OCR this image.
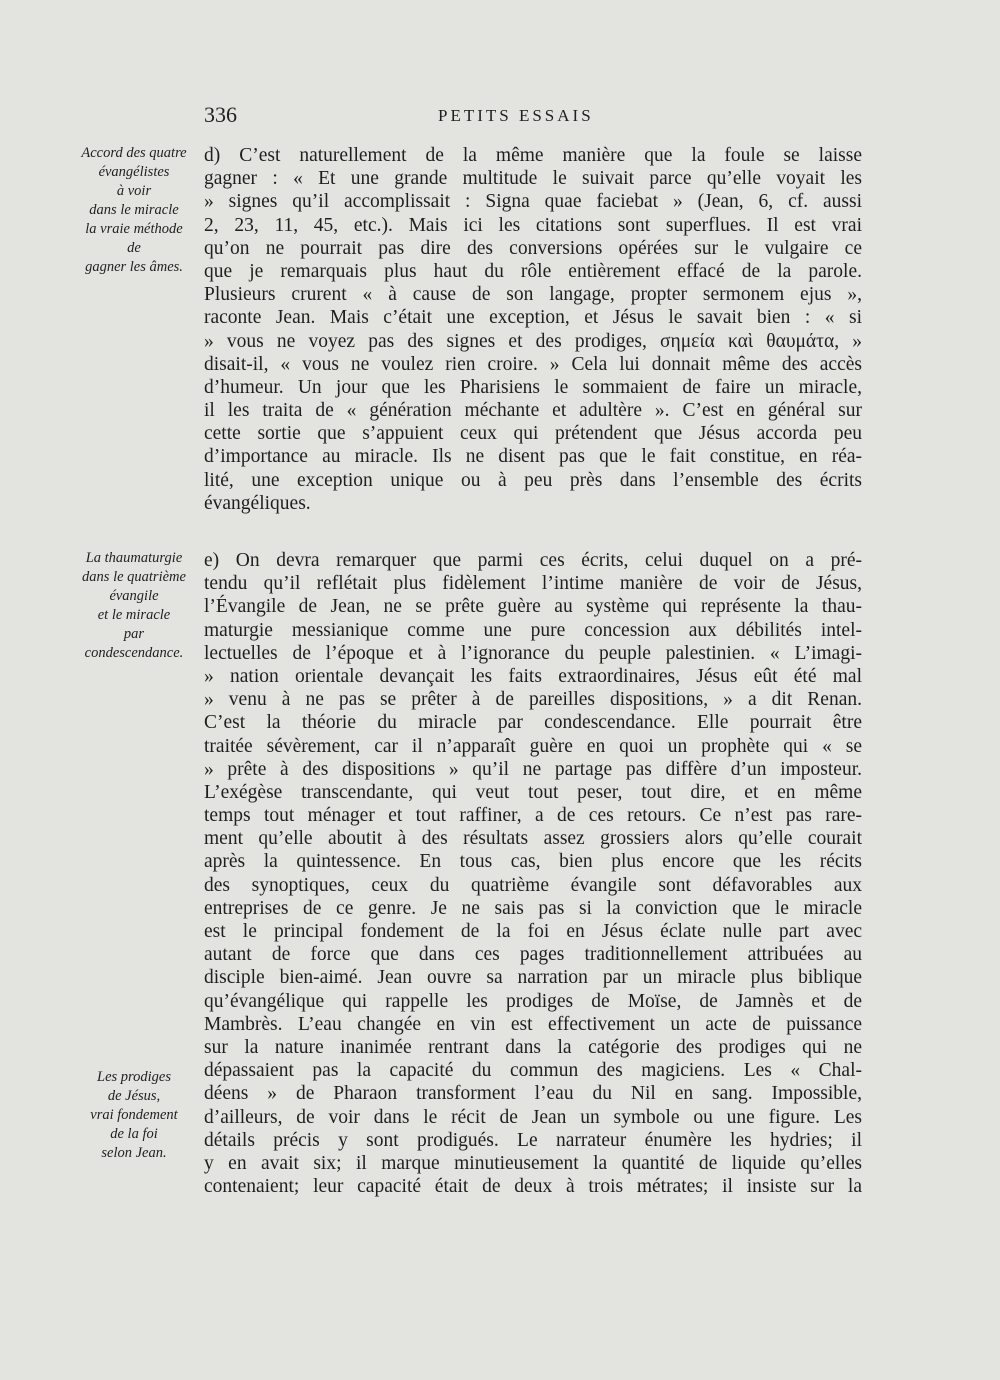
336	PETITS ESSAIS
Accord des quatre
évangélistes
à voir
dans le miracle
la vraie méthode
de
gagner les âmes.
La thaumaturgie
dans le quatrième
évangile
et le miracle
par
condescendance.
Les prodiges
de Jésus,
vrai fondement
de la foi
selon Jean.
d) C’est naturellement de la même manière que la foule se laisse
gagner : « Et une grande multitude le suivait parce qu’elle voyait les
» signes qu’il accomplissait : Signa quae faciebat » (Jean, 6, cf. aussi
2, 23, 11, 45, etc.). Mais ici les citations sont superflues. Il est vrai
qu’on ne pourrait pas dire des conversions opérées sur le vulgaire ce
que je remarquais plus haut du rôle entièrement effacé de la parole.
Plusieurs crurent « à cause de son langage, propter sermonem ejus »,
raconte Jean. Mais c’était une exception, et Jésus le savait bien : « si
» vous ne voyez pas des signes et des prodiges, σημεία καὶ θαυμάτα, »
disait-il, « vous ne voulez rien croire. » Cela lui donnait même des accès
d’humeur. Un jour que les Pharisiens le sommaient de faire un miracle,
il les traita de « génération méchante et adultère ». C’est en général sur
cette sortie que s’appuient ceux qui prétendent que Jésus accorda peu
d’importance au miracle. Ils ne disent pas que le fait constitue, en réa-
lité, une exception unique ou à peu près dans l’ensemble des écrits
évangéliques.
e) On devra remarquer que parmi ces écrits, celui duquel on a pré-
tendu qu’il reflétait plus fidèlement l’intime manière de voir de Jésus,
l’Évangile de Jean, ne se prête guère au système qui représente la thau-
maturgie messianique comme une pure concession aux débilités intel-
lectuelles de l’époque et à l’ignorance du peuple palestinien. « L’imagi-
» nation orientale devançait les faits extraordinaires, Jésus eût été mal
» venu à ne pas se prêter à de pareilles dispositions, » a dit Renan.
C’est la théorie du miracle par condescendance. Elle pourrait être
traitée sévèrement, car il n’apparaît guère en quoi un prophète qui « se
» prête à des dispositions » qu’il ne partage pas diffère d’un imposteur.
L’exégèse transcendante, qui veut tout peser, tout dire, et en même
temps tout ménager et tout raffiner, a de ces retours. Ce n’est pas rare-
ment qu’elle aboutit à des résultats assez grossiers alors qu’elle courait
après la quintessence. En tous cas, bien plus encore que les récits
des synoptiques, ceux du quatrième évangile sont défavorables aux
entreprises de ce genre. Je ne sais pas si la conviction que le miracle
est le principal fondement de la foi en Jésus éclate nulle part avec
autant de force que dans ces pages traditionnellement attribuées au
disciple bien-aimé. Jean ouvre sa narration par un miracle plus biblique
qu’évangélique qui rappelle les prodiges de Moïse, de Jamnès et de
Mambrès. L’eau changée en vin est effectivement un acte de puissance
sur la nature inanimée rentrant dans la catégorie des prodiges qui ne
dépassaient pas la capacité du commun des magiciens. Les « Chal-
déens » de Pharaon transforment l’eau du Nil en sang. Impossible,
d’ailleurs, de voir dans le récit de Jean un symbole ou une figure. Les
détails précis y sont prodigués. Le narrateur énumère les hydries; il
y en avait six; il marque minutieusement la quantité de liquide qu’elles
contenaient; leur capacité était de deux à trois métrates; il insiste sur la
